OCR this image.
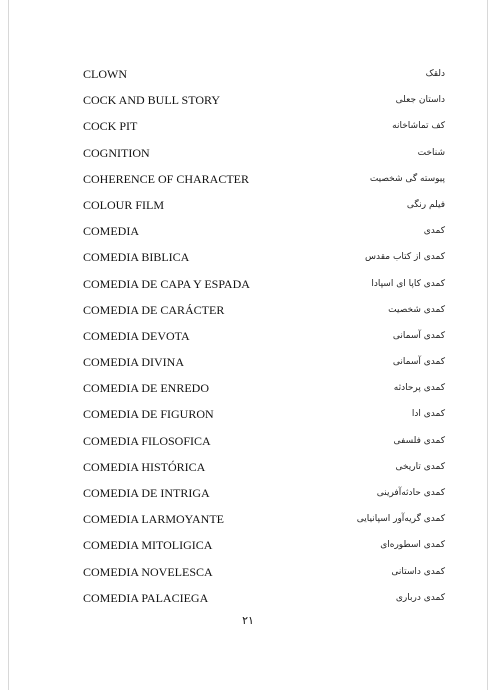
CLOWN	دلقک
COCK AND BULL STORY	داستان جعلی
COCK PIT	کف تماشاخانه
COGNITION	شناخت
COHERENCE OF CHARACTER	پیوسته گی شخصیت
COLOUR FILM	فیلم رنگی
COMEDIA	کمدی
COMEDIA BIBLICA	کمدی از کتاب مقدس
COMEDIA DE CAPA Y ESPADA	کمدی کاپا ای اسپادا
COMEDIA DE CARÁCTER	کمدی شخصیت
COMEDIA DEVOTA	کمدی آسمانی
COMEDIA DIVINA	کمدی آسمانی
COMEDIA DE ENREDO	کمدی پرحادثه
COMEDIA DE FIGURON	کمدی ادا
COMEDIA FILOSOFICA	کمدی فلسفی
COMEDIA HISTÓRICA	کمدی تاریخی
COMEDIA DE INTRIGA	کمدی حادثه‌آفرینی
COMEDIA LARMOYANTE	کمدی گریه‌آور اسپانیایی
COMEDIA MITOLIGICA	کمدی اسطوره‌ای
COMEDIA NOVELESCA	کمدی داستانی
COMEDIA PALACIEGA	کمدی درباری
۲۱
